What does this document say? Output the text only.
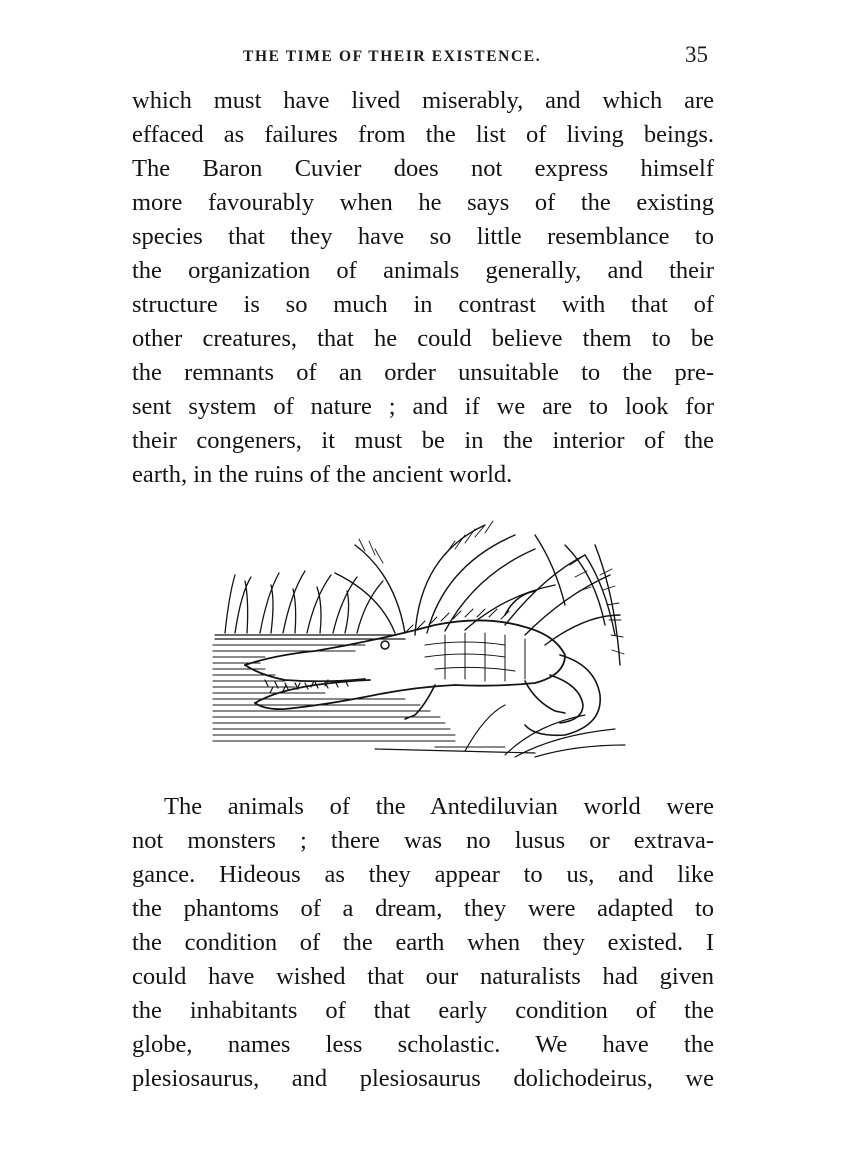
THE TIME OF THEIR EXISTENCE.	35
which must have lived miserably, and which are
effaced as failures from the list of living beings.
The Baron Cuvier does not express himself
more favourably when he says of the existing
species that they have so little resemblance to
the organization of animals generally, and their
structure is so much in contrast with that of
other creatures, that he could believe them to be
the remnants of an order unsuitable to the pre-
sent system of nature ; and if we are to look for
their congeners, it must be in the interior of the
earth, in the ruins of the ancient world.
The animals of the Antediluvian world were
not monsters ; there was no lusus or extrava-
gance. Hideous as they appear to us, and like
the phantoms of a dream, they were adapted to
the condition of the earth when they existed. I
could have wished that our naturalists had given
the inhabitants of that early condition of the
globe, names less scholastic. We have the
plesiosaurus, and plesiosaurus dolichodeirus, we
